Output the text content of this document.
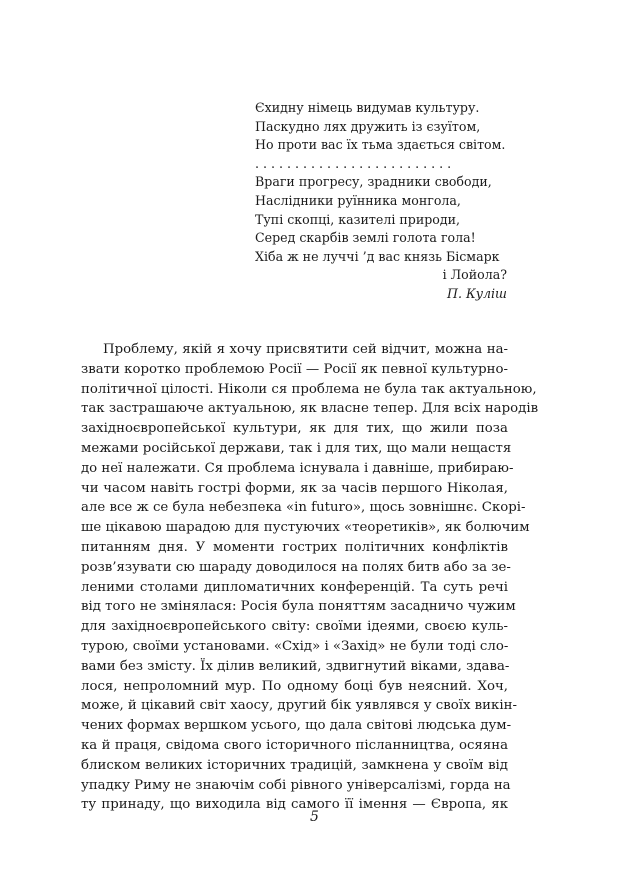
Єхидну німець видумав культуру.
Паскудно лях дружить із єзуїтом,
Но проти вас їх тьма здається світом.
. . . . . . . . . . . . . . . . . . . . . . . . .
Враги прогресу, зрадники свободи,
Наслідники руїнника монгола,
Тупі скопці, казителі природи,
Серед скарбів землі голота гола!
Хіба ж не луччі ’д вас князь Бісмарк
і Лойола?
П. Куліш
Проблему, якій я хочу присвятити сей відчит, можна на-
звати коротко проблемою Росії — Росії як певної культурно-
політичної цілості. Ніколи ся проблема не була так актуальною,
так застрашаюче актуальною, як власне тепер. Для всіх народів
західноєвропейської культури, як для тих, що жили поза
межами російської держави, так і для тих, що мали нещастя
до неї належати. Ся проблема існувала і давніше, прибираю-
чи часом навіть гострі форми, як за часів першого Ніколая,
але все ж се була небезпека «in futuro», щось зовнішнє. Скорі-
ше цікавою шарадою для пустуючих «теоретиків», як болючим
питанням дня. У моменти гострих політичних конфліктів
розв’язувати сю шараду доводилося на полях битв або за зе-
леними столами дипломатичних конференцій. Та суть речі
від того не змінялася: Росія була поняттям засадничо чужим
для західноєвропейського світу: своїми ідеями, своєю куль-
турою, своїми установами. «Схід» і «Захід» не були тоді сло-
вами без змісту. Їх ділив великий, здвигнутий віками, здава-
лося, непроломний мур. По одному боці був неясний. Хоч,
може, й цікавий світ хаосу, другий бік уявлявся у своїх викін-
чених формах вершком усього, що дала світові людська дум-
ка й праця, свідома свого історичного післанництва, осяяна
блиском великих історичних традицій, замкнена у своїм від
упадку Риму не знаючім собі рівного універсалізмі, горда на
ту принаду, що виходила від самого її імення — Європа, як
5
